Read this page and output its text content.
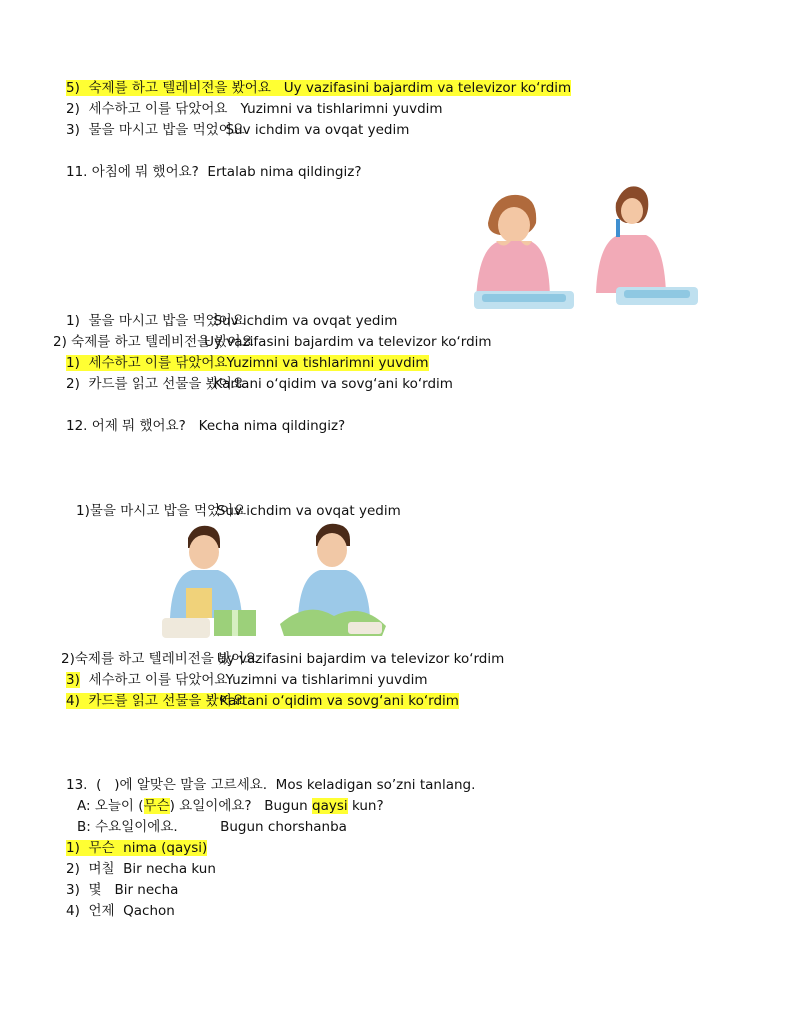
5) 숙제를 하고 텔레비전을 봤어요 Uy vazifasini bajardim va televizor ko‘rdim
2) 세수하고 이를 닦았어요 Yuzimni va tishlarimni yuvdim
3) 물을 마시고 밥을 먹었어요Suv ichdim va ovqat yedim
11. 아침에 뭐 했어요? Ertalab nima qildingiz?
1) 물을 마시고 밥을 먹었어요Suv ichdim va ovqat yedim
2) 숙제를 하고 텔레비전을 봤어요Uy vazifasini bajardim va televizor ko‘rdim
1) 세수하고 이를 닦았어요Yuzimni va tishlarimni yuvdim
2) 카드를 읽고 선물을 봤어요Kartani o‘qidim va sovg‘ani ko‘rdim
12. 어제 뭐 했어요? Kecha nima qildingiz?
1)물을 마시고 밥을 먹었어요Suv ichdim va ovqat yedim
2)숙제를 하고 텔레비전을 봤어요Uy vazifasini bajardim va televizor ko‘rdim
3) 세수하고 이를 닦았어요Yuzimni va tishlarimni yuvdim
4) 카드를 읽고 선물을 봤어요Kartani o‘qidim va sovg‘ani ko‘rdim
13. ( )에 알맞은 말을 고르세요. Mos keladigan so’zni tanlang.
A: 오늘이 (무슨) 요일이에요? Bugun qaysi kun?
B: 수요일이에요.	Bugun chorshanba
1) 무슨 nima (qaysi)
2) 며칠 Bir necha kun
3) 몇 Bir necha
4) 언제 Qachon
